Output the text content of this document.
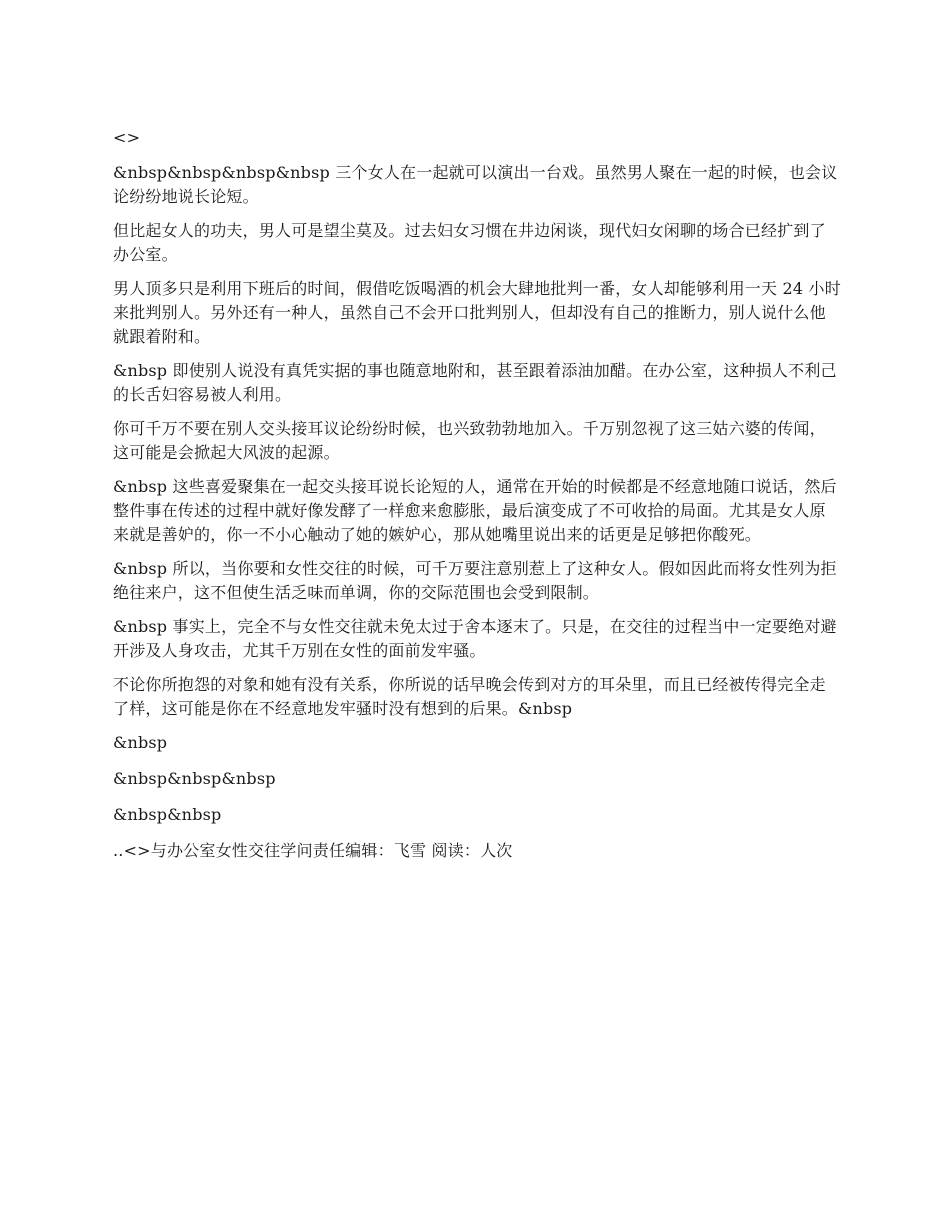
<>

&nbsp&nbsp&nbsp&nbsp 三个女人在一起就可以演出一台戏。虽然男人聚在一起的时候，也会议论纷纷地说长论短。

但比起女人的功夫，男人可是望尘莫及。过去妇女习惯在井边闲谈，现代妇女闲聊的场合已经扩到了办公室。

男人顶多只是利用下班后的时间，假借吃饭喝酒的机会大肆地批判一番，女人却能够利用一天 24 小时来批判别人。另外还有一种人，虽然自己不会开口批判别人，但却没有自己的推断力，别人说什么他就跟着附和。

&nbsp 即使别人说没有真凭实据的事也随意地附和，甚至跟着添油加醋。在办公室，这种损人不利己的长舌妇容易被人利用。

你可千万不要在别人交头接耳议论纷纷时候，也兴致勃勃地加入。千万别忽视了这三姑六婆的传闻，这可能是会掀起大风波的起源。

&nbsp 这些喜爱聚集在一起交头接耳说长论短的人，通常在开始的时候都是不经意地随口说话，然后整件事在传述的过程中就好像发酵了一样愈来愈膨胀，最后演变成了不可收拾的局面。尤其是女人原来就是善妒的，你一不小心触动了她的嫉妒心，那从她嘴里说出来的话更是足够把你酸死。

&nbsp 所以，当你要和女性交往的时候，可千万要注意别惹上了这种女人。假如因此而将女性列为拒绝往来户，这不但使生活乏味而单调，你的交际范围也会受到限制。

&nbsp 事实上，完全不与女性交往就未免太过于舍本逐末了。只是，在交往的过程当中一定要绝对避开涉及人身攻击，尤其千万别在女性的面前发牢骚。

不论你所抱怨的对象和她有没有关系，你所说的话早晚会传到对方的耳朵里，而且已经被传得完全走了样，这可能是你在不经意地发牢骚时没有想到的后果。&nbsp

&nbsp

&nbsp&nbsp&nbsp

&nbsp&nbsp

..<>与办公室女性交往学问责任编辑：飞雪 阅读：人次
